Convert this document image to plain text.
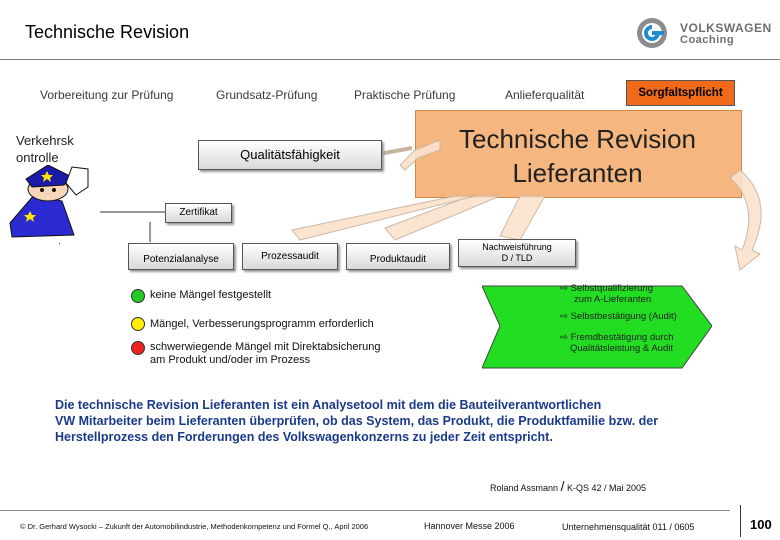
Technische Revision	VOLKSWAGEN
Coaching
Vorbereitung zur Prüfung	Grundsatz-Prüfung	Praktische Prüfung	Anlieferqualität	Sorgfaltspflicht
Verkehrsk
ontrolle
·
Technische Revision
Lieferanten
Qualitätsfähigkeit
Zertifikat
Potenzialanalyse	Prozessaudit	Produktaudit
Nachweisführung
D / TLD
⇨ Selbstqualifizierung
zum A-Lieferanten
⇨ Selbstbestätigung (Audit)
⇨ Fremdbestätigung durch
Qualitätsleistung & Audit
keine Mängel festgestellt
Mängel, Verbesserungsprogramm erforderlich
schwerwiegende Mängel mit Direktabsicherung
am Produkt und/oder im Prozess
Die technische Revision Lieferanten ist ein Analysetool mit dem die Bauteilverantwortlichen
VW Mitarbeiter beim Lieferanten überprüfen, ob das System, das Produkt, die Produktfamilie bzw. der
Herstellprozess den Forderungen des Volkswagenkonzerns zu jeder Zeit entspricht.
Roland Assmann / K-QS 42 / Mai 2005
© Dr. Gerhard Wysocki – Zukunft der Automobilindustrie, Methodenkompetenz und Formel Q., April 2006	Hannover Messe 2006	Unternehmensqualität 011 / 0605	100
